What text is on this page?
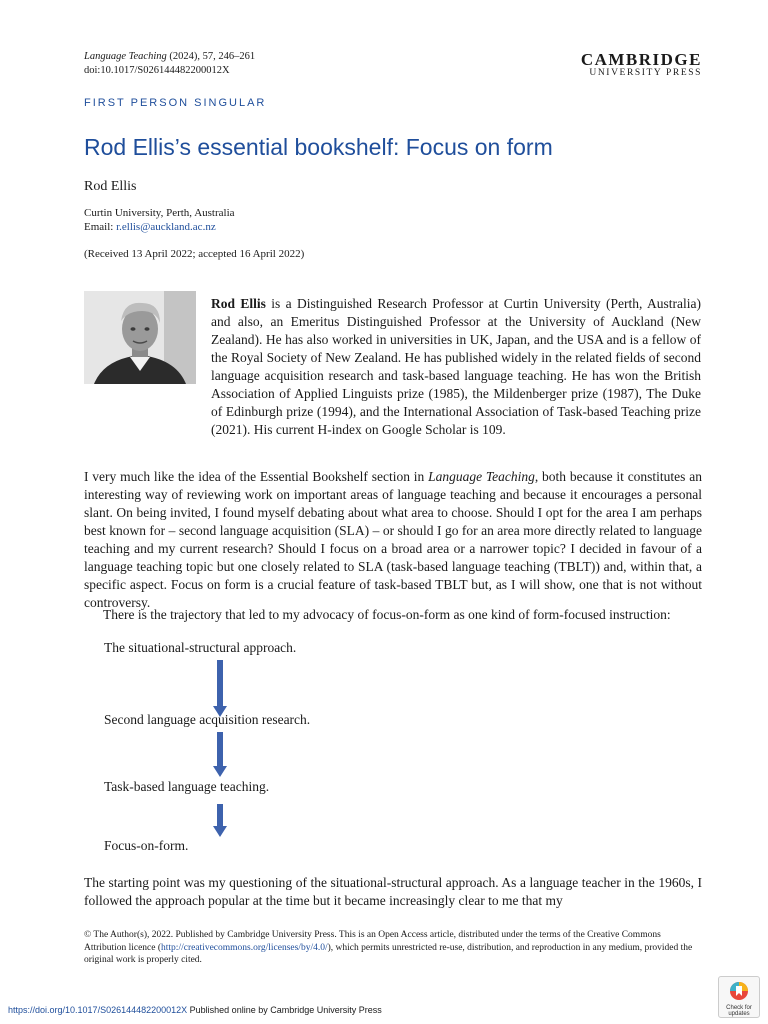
Language Teaching (2024), 57, 246–261
doi:10.1017/S026144482200012X
CAMBRIDGE
UNIVERSITY PRESS
FIRST PERSON SINGULAR
Rod Ellis’s essential bookshelf: Focus on form
Rod Ellis
Curtin University, Perth, Australia
Email: r.ellis@auckland.ac.nz
(Received 13 April 2022; accepted 16 April 2022)
Rod Ellis is a Distinguished Research Professor at Curtin University (Perth, Australia) and also, an Emeritus Distinguished Professor at the University of Auckland (New Zealand). He has also worked in universities in UK, Japan, and the USA and is a fellow of the Royal Society of New Zealand. He has published widely in the related fields of second language acquisition research and task-based language teaching. He has won the British Association of Applied Linguists prize (1985), the Mildenberger prize (1987), The Duke of Edinburgh prize (1994), and the International Association of Task-based Teaching prize (2021). His current H-index on Google Scholar is 109.
I very much like the idea of the Essential Bookshelf section in Language Teaching, both because it constitutes an interesting way of reviewing work on important areas of language teaching and because it encourages a personal slant. On being invited, I found myself debating about what area to choose. Should I opt for the area I am perhaps best known for – second language acquisition (SLA) – or should I go for an area more directly related to language teaching and my current research? Should I focus on a broad area or a narrower topic? I decided in favour of a language teaching topic but one closely related to SLA (task-based language teaching (TBLT)) and, within that, a specific aspect. Focus on form is a crucial feature of task-based TBLT but, as I will show, one that is not without controversy.
There is the trajectory that led to my advocacy of focus-on-form as one kind of form-focused instruction:
The situational-structural approach.
Second language acquisition research.
Task-based language teaching.
Focus-on-form.
The starting point was my questioning of the situational-structural approach. As a language teacher in the 1960s, I followed the approach popular at the time but it became increasingly clear to me that my
© The Author(s), 2022. Published by Cambridge University Press. This is an Open Access article, distributed under the terms of the Creative Commons Attribution licence (http://creativecommons.org/licenses/by/4.0/), which permits unrestricted re-use, distribution, and reproduction in any medium, provided the original work is properly cited.
https://doi.org/10.1017/S026144482200012X Published online by Cambridge University Press	Check for
updates
